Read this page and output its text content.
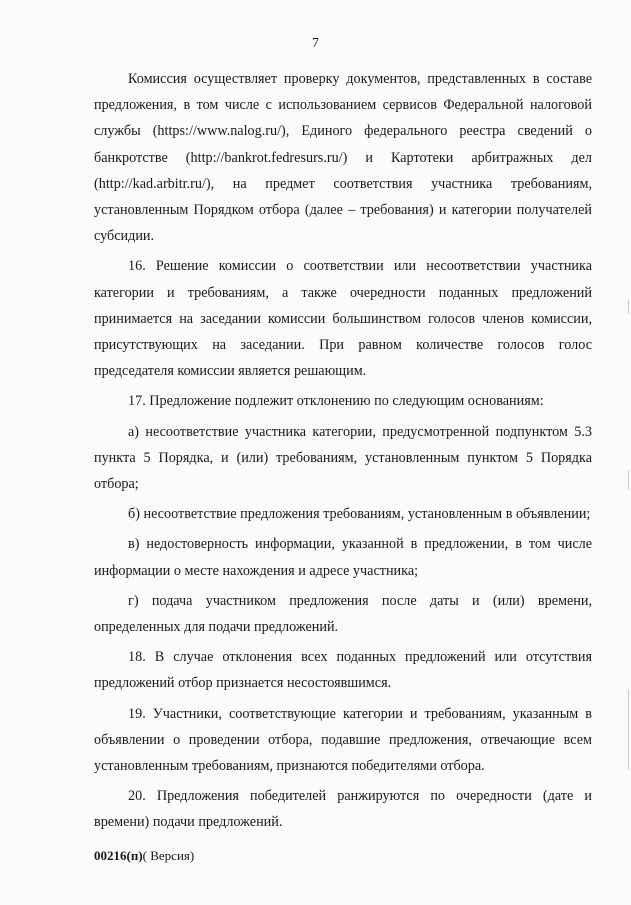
7

Комиссия осуществляет проверку документов, представленных в составе предложения, в том числе с использованием сервисов Федеральной налоговой службы (https://www.nalog.ru/), Единого федерального реестра сведений о банкротстве (http://bankrot.fedresurs.ru/) и Картотеки арбитражных дел (http://kad.arbitr.ru/), на предмет соответствия участника требованиям, установленным Порядком отбора (далее – требования) и категории получателей субсидии.

16. Решение комиссии о соответствии или несоответствии участника категории и требованиям, а также очередности поданных предложений принимается на заседании комиссии большинством голосов членов комиссии, присутствующих на заседании. При равном количестве голосов голос председателя комиссии является решающим.

17. Предложение подлежит отклонению по следующим основаниям:

а) несоответствие участника категории, предусмотренной подпунктом 5.3 пункта 5 Порядка, и (или) требованиям, установленным пунктом 5 Порядка отбора;

б) несоответствие предложения требованиям, установленным в объявлении;

в) недостоверность информации, указанной в предложении, в том числе информации о месте нахождения и адресе участника;

г) подача участником предложения после даты и (или) времени, определенных для подачи предложений.

18. В случае отклонения всех поданных предложений или отсутствия предложений отбор признается несостоявшимся.

19. Участники, соответствующие категории и требованиям, указанным в объявлении о проведении отбора, подавшие предложения, отвечающие всем установленным требованиям, признаются победителями отбора.

20. Предложения победителей ранжируются по очередности (дате и времени) подачи предложений.

00216(п)( Версия)
